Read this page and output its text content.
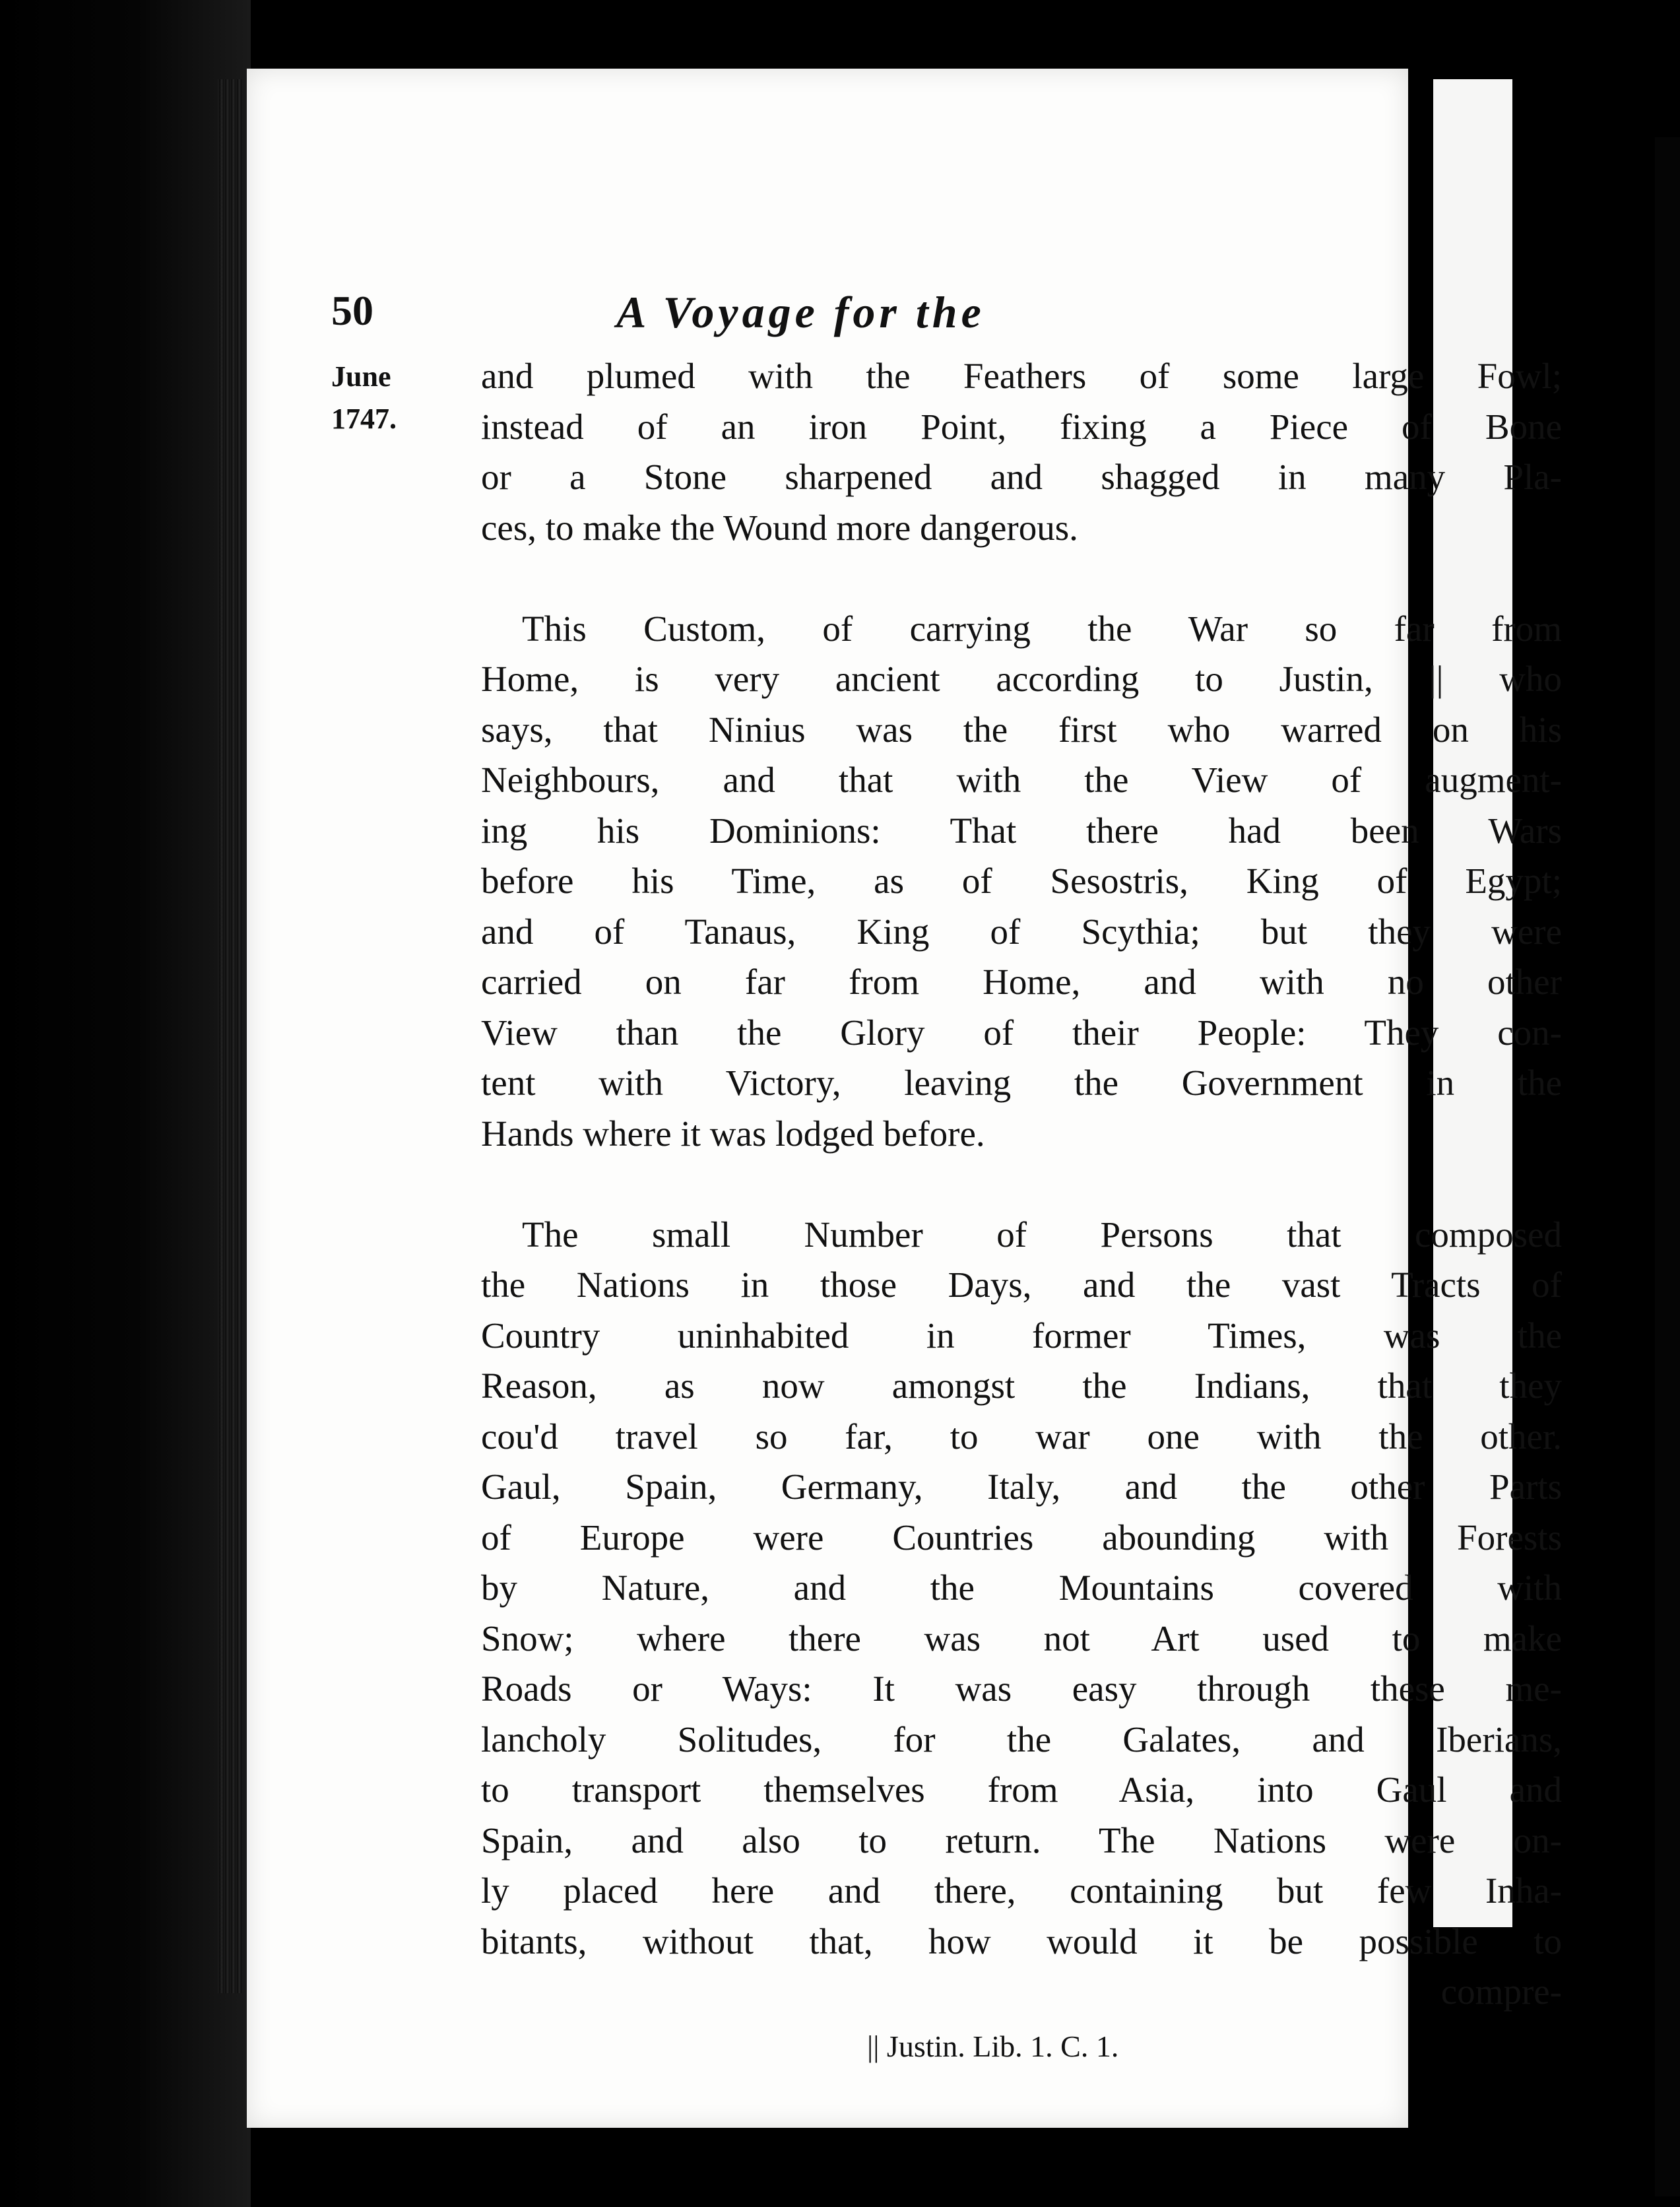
50	A Voyage for the
June
1747.
and plumed with the Feathers of some large Fowl;
instead of an iron Point, fixing a Piece of Bone
or a Stone sharpened and shagged in many Pla-
ces, to make the Wound more dangerous.
This Custom, of carrying the War so far from
Home, is very ancient according to Justin, || who
says, that Ninius was the first who warred on his
Neighbours, and that with the View of augment-
ing his Dominions: That there had been Wars
before his Time, as of Sesostris, King of Egypt;
and of Tanaus, King of Scythia; but they were
carried on far from Home, and with no other
View than the Glory of their People: They con-
tent with Victory, leaving the Government in the
Hands where it was lodged before.
The small Number of Persons that composed
the Nations in those Days, and the vast Tracts of
Country uninhabited in former Times, was the
Reason, as now amongst the Indians, that they
cou'd travel so far, to war one with the other.
Gaul, Spain, Germany, Italy, and the other Parts
of Europe were Countries abounding with Forests
by Nature, and the Mountains covered with
Snow; where there was not Art used to make
Roads or Ways: It was easy through these me-
lancholy Solitudes, for the Galates, and Iberians,
to transport themselves from Asia, into Gaul and
Spain, and also to return. The Nations were on-
ly placed here and there, containing but few Inha-
bitants, without that, how would it be possible to
compre-
|| Justin. Lib. 1. C. 1.
